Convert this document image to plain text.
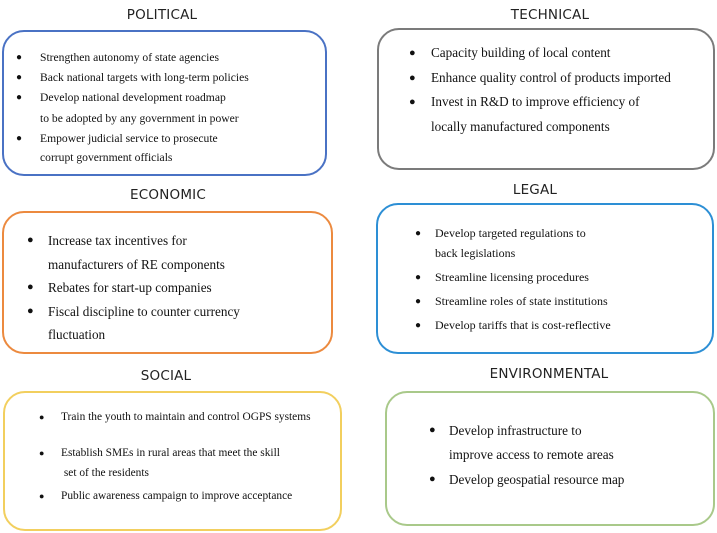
POLITICAL	TECHNICAL
ECONOMIC	LEGAL
SOCIAL	ENVIRONMENTAL
● Strengthen autonomy of state agencies
● Back national targets with long-term policies
● Develop national development roadmap
to be adopted by any government in power
● Empower judicial service to prosecute
corrupt government officials
● Capacity building of local content
● Enhance quality control of products imported
● Invest in R&D to improve efficiency of
locally manufactured components
● Increase tax incentives for
manufacturers of RE components
● Rebates for start-up companies
● Fiscal discipline to counter currency
fluctuation
● Develop targeted regulations to
back legislations
● Streamline licensing procedures
● Streamline roles of state institutions
● Develop tariffs that is cost-reflective
● Train the youth to maintain and control OGPS systems
● Establish SMEs in rural areas that meet the skill
set of the residents
● Public awareness campaign to improve acceptance
● Develop infrastructure to
improve access to remote areas
● Develop geospatial resource map
